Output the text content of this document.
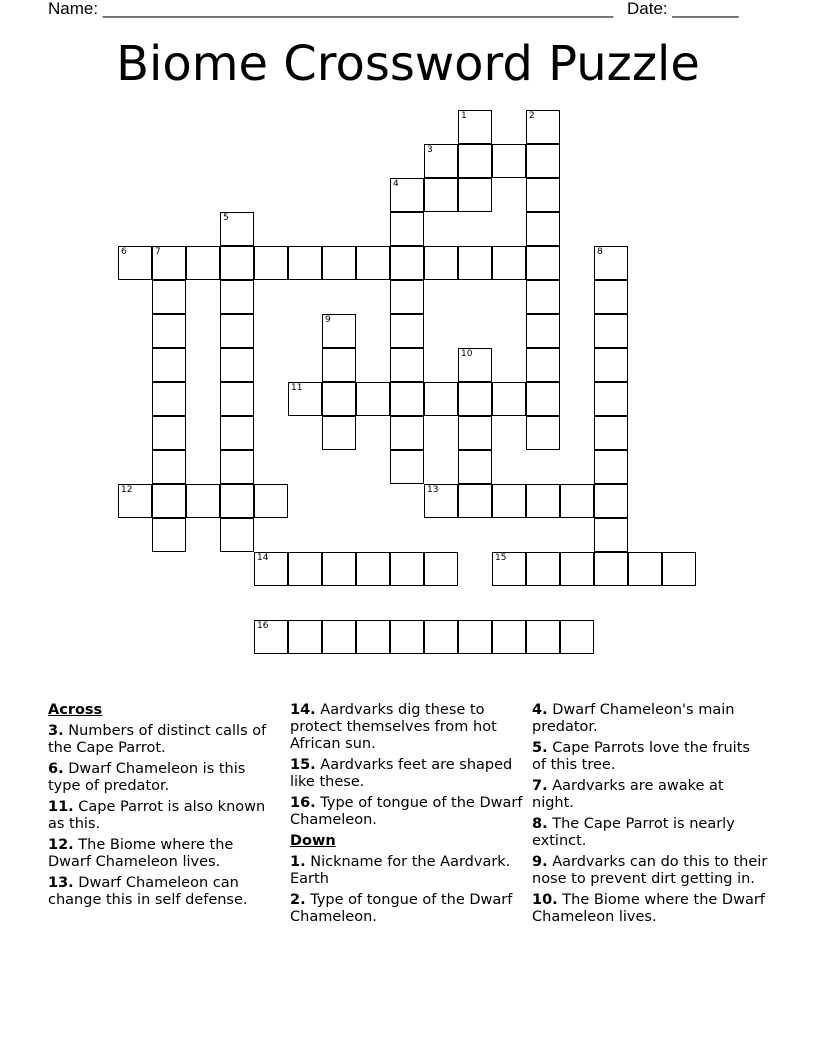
Name: ______________________________________________________ Date: _______
Biome Crossword Puzzle
1	2
3
4
5
6	7	8
9
10
11
12	13
14	15
16
Across
3. Numbers of distinct calls of the Cape Parrot.
6. Dwarf Chameleon is this type of predator.
11. Cape Parrot is also known as this.
12. The Biome where the Dwarf Chameleon lives.
13. Dwarf Chameleon can change this in self defense.
14. Aardvarks dig these to protect themselves from hot African sun.
15. Aardvarks feet are shaped like these.
16. Type of tongue of the Dwarf Chameleon.
Down
1. Nickname for the Aardvark. Earth
2. Type of tongue of the Dwarf Chameleon.
4. Dwarf Chameleon's main predator.
5. Cape Parrots love the fruits of this tree.
7. Aardvarks are awake at night.
8. The Cape Parrot is nearly extinct.
9. Aardvarks can do this to their nose to prevent dirt getting in.
10. The Biome where the Dwarf Chameleon lives.
